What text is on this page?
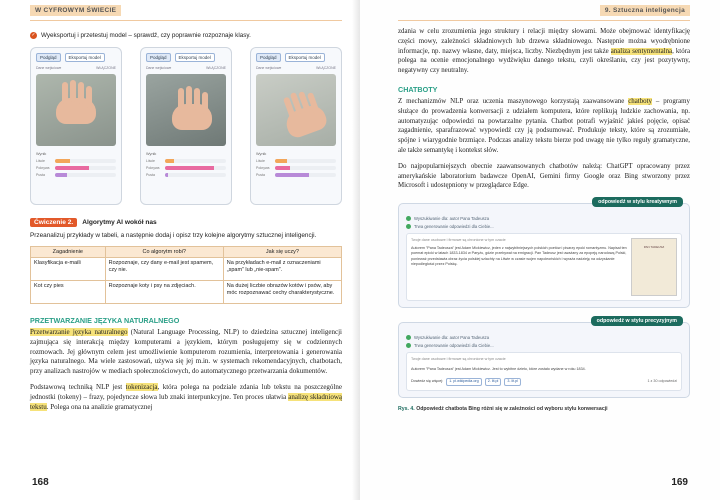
W CYFROWYM ŚWIECIE
✓ Wyeksportuj i przetestuj model – sprawdź, czy poprawnie rozpoznaje klasy.
Podgląd	Eksportuj model
Dane wejściowe	WŁĄCZONE
Wynik
Liście
Pokrywa
Pusta
Podgląd	Eksportuj model
Dane wejściowe	WŁĄCZONE
Wynik
Liście
Pokrywa
Pusta
Podgląd	Eksportuj model
Dane wejściowe	WŁĄCZONE
Wynik
Liście
Pokrywa
Pusta
Ćwiczenie 2.	Algorytmy AI wokół nas
Przeanalizuj przykłady w tabeli, a następnie dodaj i opisz trzy kolejne algorytmy sztucznej inteligencji.
Zagadnienie	Co algorytm robi?	Jak się uczy?
Klasyfikacja e-maili	Rozpoznaje, czy dany e-mail jest spamem, czy nie.	Na przykładach e-mail z oznaczeniami „spam” lub „nie-spam”.
Kot czy pies	Rozpoznaje koty i psy na zdjęciach.	Na dużej liczbie obrazów kotów i psów, aby móc rozpoznawać cechy charakterystyczne.
PRZETWARZANIE JĘZYKA NATURALNEGO
Przetwarzanie języka naturalnego (Natural Language Processing, NLP) to dziedzina sztucznej inteligencji zajmująca się interakcją między komputerami a językiem, którym posługujemy się w codziennych rozmowach. Jej głównym celem jest umożliwienie komputerom rozumienia, interpretowania i generowania języka naturalnego. Ma wiele zastosowań, używa się jej m.in. w systemach rekomendacyjnych, chatbotach, przy analizach nastrojów w mediach społecznościowych, do automatycznego przetwarzania dokumentów.
Podstawową techniką NLP jest tokenizacja, która polega na podziale zdania lub tekstu na poszczególne jednostki (tokeny) – frazy, pojedyncze słowa lub znaki interpunkcyjne. Ten proces ułatwia analizę składniową tekstu. Polega ona na analizie gramatycznej
168
9. Sztuczna inteligencja
zdania w celu zrozumienia jego struktury i relacji między słowami. Może obejmować identyfikację części mowy, zależności składniowych lub drzewa składniowego. Następnie można wyodrębnione informacje, np. nazwy własne, daty, miejsca, liczby. Niezbędnym jest także analiza sentymentalna, która polega na ocenie emocjonalnego wydźwięku danego tekstu, czyli określaniu, czy jest pozytywny, negatywny czy neutralny.
CHATBOTY
Z mechanizmów NLP oraz uczenia maszynowego korzystają zaawansowane chatboty – programy służące do prowadzenia konwersacji z udziałem komputera, które replikują ludzkie zachowania, np. automatyzując odpowiedzi na powtarzalne pytania. Chatbot potrafi wyjaśnić jakieś pojęcie, opisać zagadnienie, sparafrazować wypowiedź czy ją podsumować. Produkuje teksty, które są zrozumiałe, spójne i wiarygodnie brzmiące. Podczas analizy tekstu bierze pod uwagę nie tylko reguły gramatyczne, ale także semantykę i kontekst słów.
Do najpopularniejszych obecnie zaawansowanych chatbotów należą: ChatGPT opracowany przez amerykańskie laboratorium badawcze OpenAI, Gemini firmy Google oraz Bing stworzony przez Microsoft i udostępniony w przeglądarce Edge.
odpowiedź w stylu kreatywnym
Wyszukiwanie dla: autor Pana Tadeusza
Trwa generowanie odpowiedzi dla Ciebie...
Twoje dane osobowe i firmowe są chronione w tym czacie
Autorem "Pana Tadeusza" jest Adam Mickiewicz, jeden z najwybitniejszych polskich poetów i pisarzy epoki romantyzmu. Napisał ten poemat epicki w latach 1833-1834 w Paryżu, gdzie przebywał na emigracji. Pan Tadeusz jest uważany za epopeję narodową Polski, ponieważ przedstawia obraz życia polskiej szlachty na Litwie w czasie wojen napoleońskich i wyraża nadzieję na odzyskanie niepodległości przez Polskę.
PAN TADEUSZ
odpowiedź w stylu precyzyjnym
Wyszukiwanie dla: autor Pana Tadeusza
Trwa generowanie odpowiedzi dla Ciebie...
Twoje dane osobowe i firmowe są chronione w tym czacie
Autorem "Pana Tadeusza" jest Adam Mickiewicz. Jest to wybitne dzieło, które zostało wydane w roku 1834.
Dowiedz się więcej:	1. pl.wikipedia.org	2. lit.pl	3. lit.pl	1 z 30 odpowiedzi
Rys. 4. Odpowiedź chatbota Bing różni się w zależności od wyboru stylu konwersacji
169
